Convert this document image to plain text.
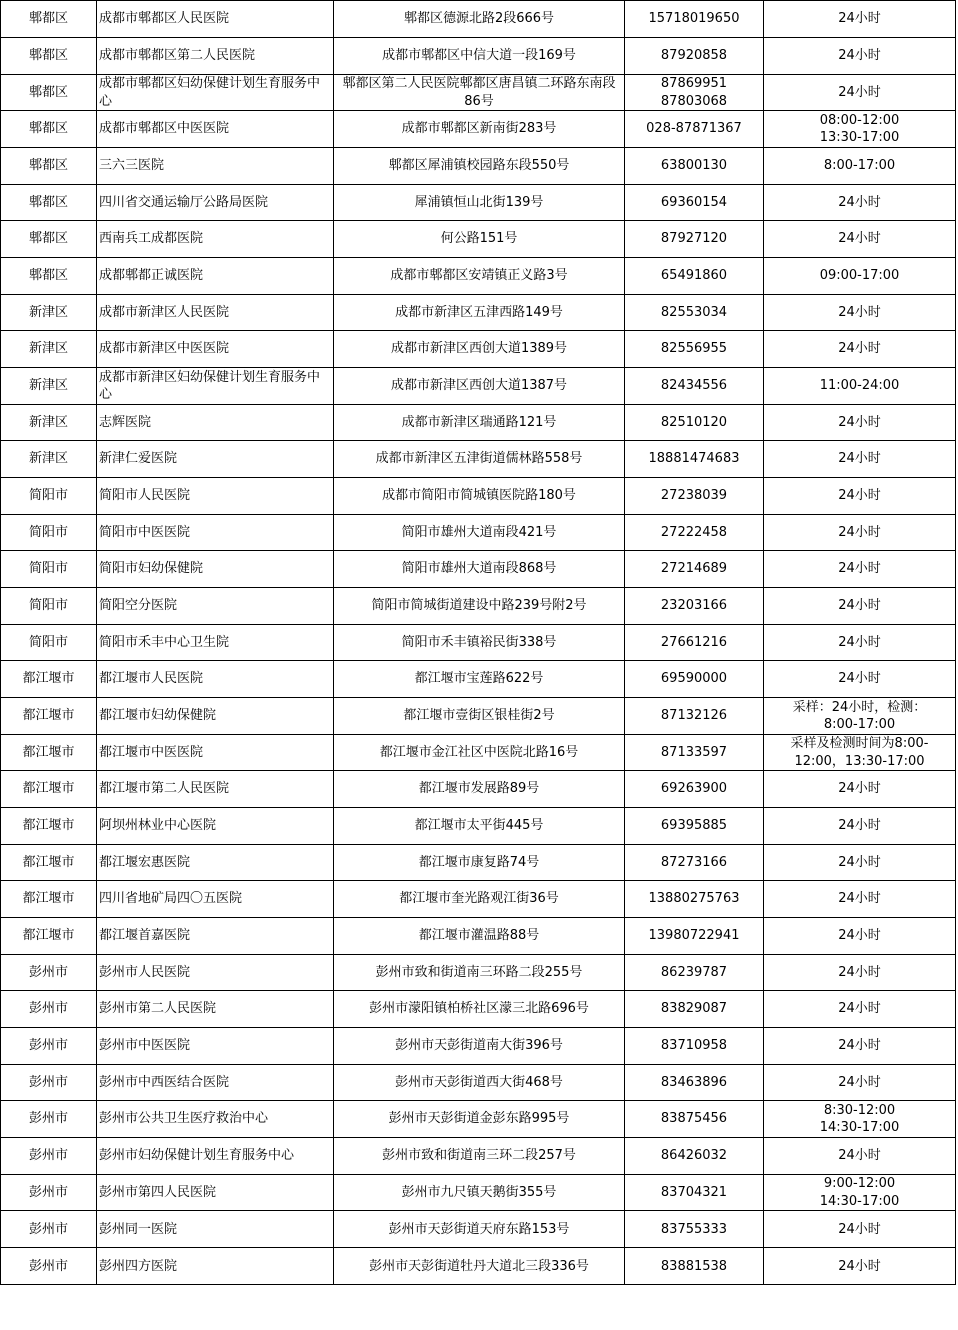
郫都区	成都市郫都区人民医院	郫都区德源北路2段666号	15718019650	24小时

郫都区	成都市郫都区第二人民医院	成都市郫都区中信大道一段169号	87920858	24小时

郫都区	成都市郫都区妇幼保健计划生育服务中心	郫都区第二人民医院郫都区唐昌镇二环路东南段86号	87869951
87803068	24小时

郫都区	成都市郫都区中医医院	成都市郫都区新南街283号	028-87871367	08:00-12:00
13:30-17:00

郫都区	三六三医院	郫都区犀浦镇校园路东段550号	63800130	8:00-17:00

郫都区	四川省交通运输厅公路局医院	犀浦镇恒山北街139号	69360154	24小时

郫都区	西南兵工成都医院	何公路151号	87927120	24小时

郫都区	成都郫都正诚医院	成都市郫都区安靖镇正义路3号	65491860	09:00-17:00

新津区	成都市新津区人民医院	成都市新津区五津西路149号	82553034	24小时

新津区	成都市新津区中医医院	成都市新津区西创大道1389号	82556955	24小时

新津区	成都市新津区妇幼保健计划生育服务中心	成都市新津区西创大道1387号	82434556	11:00-24:00

新津区	志辉医院	成都市新津区瑞通路121号	82510120	24小时

新津区	新津仁爱医院	成都市新津区五津街道儒林路558号	18881474683	24小时

简阳市	简阳市人民医院	成都市简阳市简城镇医院路180号	27238039	24小时

简阳市	简阳市中医医院	简阳市雄州大道南段421号	27222458	24小时

简阳市	简阳市妇幼保健院	简阳市雄州大道南段868号	27214689	24小时

简阳市	简阳空分医院	简阳市简城街道建设中路239号附2号	23203166	24小时

简阳市	简阳市禾丰中心卫生院	简阳市禾丰镇裕民街338号	27661216	24小时

都江堰市	都江堰市人民医院	都江堰市宝莲路622号	69590000	24小时

都江堰市	都江堰市妇幼保健院	都江堰市壹街区银桂街2号	87132126	采样：24小时，检测：
8:00-17:00

都江堰市	都江堰市中医医院	都江堰市金江社区中医院北路16号	87133597	采样及检测时间为8:00-
12:00，13:30-17:00

都江堰市	都江堰市第二人民医院	都江堰市发展路89号	69263900	24小时

都江堰市	阿坝州林业中心医院	都江堰市太平街445号	69395885	24小时

都江堰市	都江堰宏惠医院	都江堰市康复路74号	87273166	24小时

都江堰市	四川省地矿局四〇五医院	都江堰市奎光路观江街36号	13880275763	24小时

都江堰市	都江堰首嘉医院	都江堰市灌温路88号	13980722941	24小时

彭州市	彭州市人民医院	彭州市致和街道南三环路二段255号	86239787	24小时

彭州市	彭州市第二人民医院	彭州市濛阳镇柏桥社区濛三北路696号	83829087	24小时

彭州市	彭州市中医医院	彭州市天彭街道南大街396号	83710958	24小时

彭州市	彭州市中西医结合医院	彭州市天彭街道西大街468号	83463896	24小时

彭州市	彭州市公共卫生医疗救治中心	彭州市天彭街道金彭东路995号	83875456	8:30-12:00
14:30-17:00

彭州市	彭州市妇幼保健计划生育服务中心	彭州市致和街道南三环二段257号	86426032	24小时

彭州市	彭州市第四人民医院	彭州市九尺镇天鹅街355号	83704321	9:00-12:00
14:30-17:00

彭州市	彭州同一医院	彭州市天彭街道天府东路153号	83755333	24小时

彭州市	彭州四方医院	彭州市天彭街道牡丹大道北三段336号	83881538	24小时
